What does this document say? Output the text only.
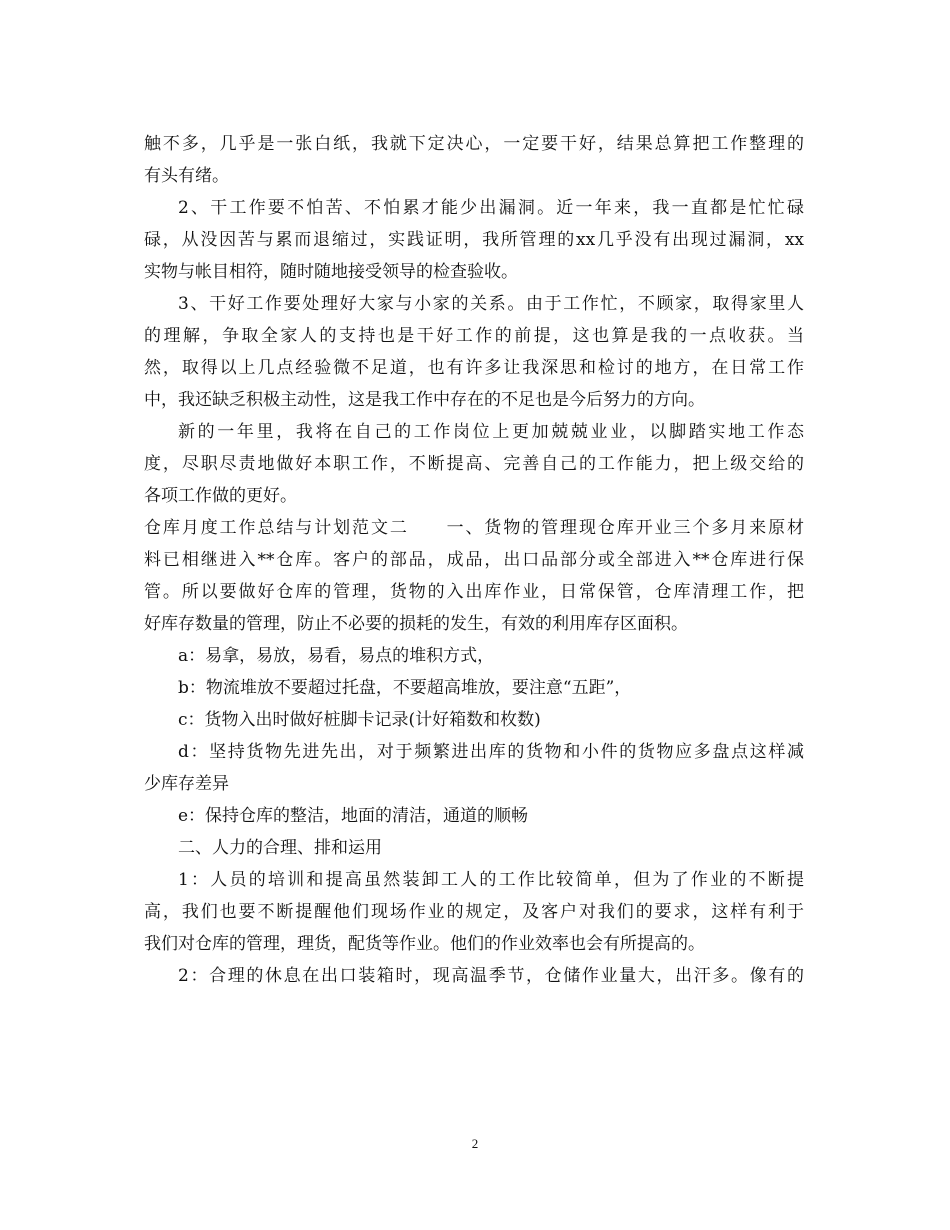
触不多，几乎是一张白纸，我就下定决心，一定要干好，结果总算把工作整理的
有头有绪。
2、干工作要不怕苦、不怕累才能少出漏洞。近一年来，我一直都是忙忙碌
碌，从没因苦与累而退缩过，实践证明，我所管理的xx几乎没有出现过漏洞，xx
实物与帐目相符，随时随地接受领导的检查验收。
3、干好工作要处理好大家与小家的关系。由于工作忙，不顾家，取得家里人
的理解，争取全家人的支持也是干好工作的前提，这也算是我的一点收获。当
然，取得以上几点经验微不足道，也有许多让我深思和检讨的地方，在日常工作
中，我还缺乏积极主动性，这是我工作中存在的不足也是今后努力的方向。
新的一年里，我将在自己的工作岗位上更加兢兢业业，以脚踏实地工作态
度，尽职尽责地做好本职工作，不断提高、完善自己的工作能力，把上级交给的
各项工作做的更好。
仓库月度工作总结与计划范文二　　一、货物的管理现仓库开业三个多月来原材
料已相继进入**仓库。客户的部品，成品，出口品部分或全部进入**仓库进行保
管。所以要做好仓库的管理，货物的入出库作业，日常保管，仓库清理工作，把
好库存数量的管理，防止不必要的损耗的发生，有效的利用库存区面积。
a：易拿，易放，易看，易点的堆积方式，
b：物流堆放不要超过托盘，不要超高堆放，要注意“五距”，
c：货物入出时做好桩脚卡记录(计好箱数和枚数)
d：坚持货物先进先出，对于频繁进出库的货物和小件的货物应多盘点这样减
少库存差异
e：保持仓库的整洁，地面的清洁，通道的顺畅
二、人力的合理、排和运用
1：人员的培训和提高虽然装卸工人的工作比较简单，但为了作业的不断提
高，我们也要不断提醒他们现场作业的规定，及客户对我们的要求，这样有利于
我们对仓库的管理，理货，配货等作业。他们的作业效率也会有所提高的。
2：合理的休息在出口装箱时，现高温季节，仓储作业量大，出汗多。像有的
2
